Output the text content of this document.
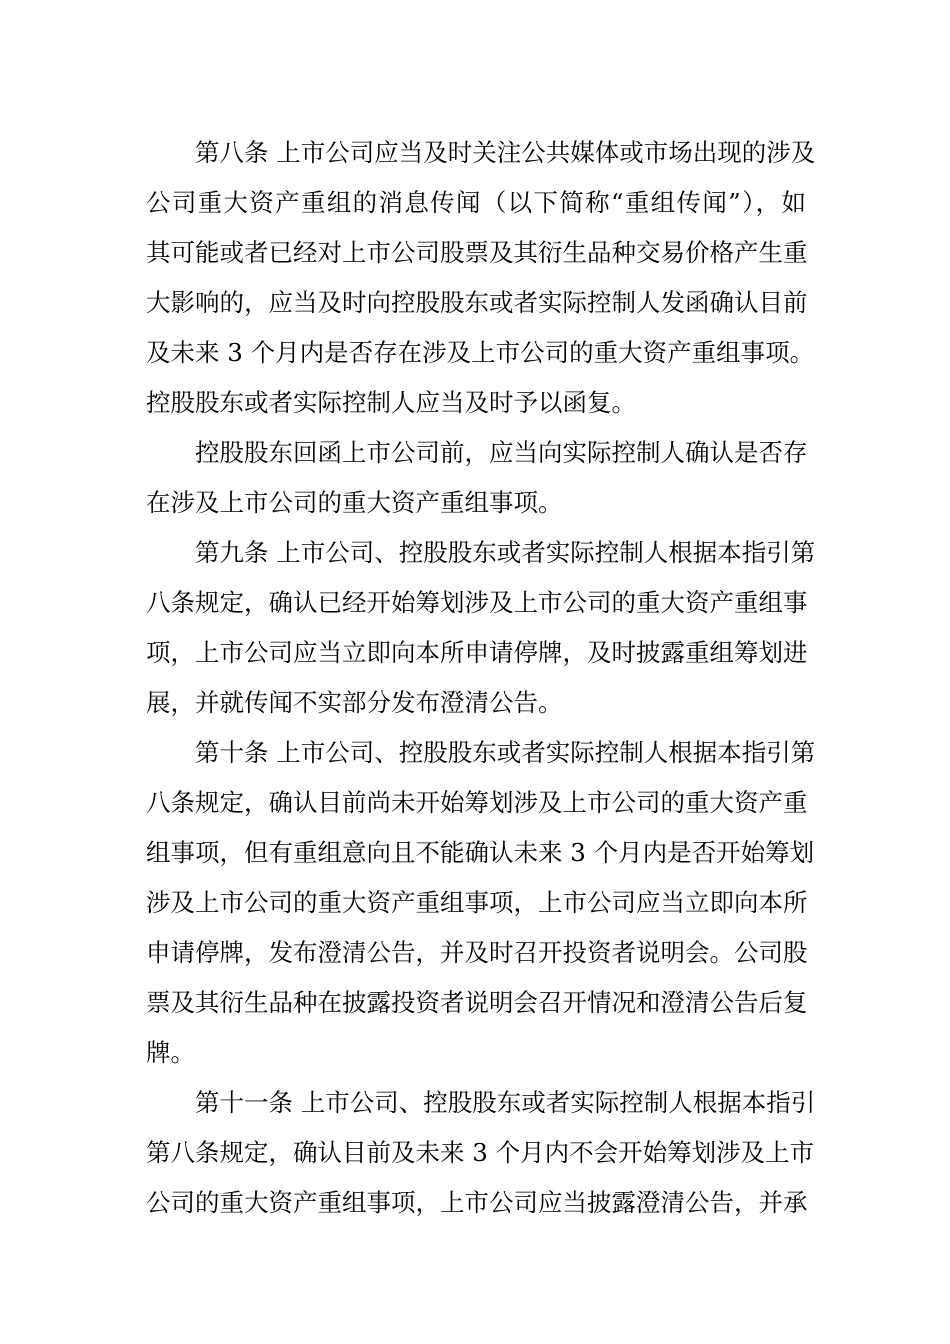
第八条 上市公司应当及时关注公共媒体或市场出现的涉及
公司重大资产重组的消息传闻（以下简称“重组传闻”），如
其可能或者已经对上市公司股票及其衍生品种交易价格产生重
大影响的，应当及时向控股股东或者实际控制人发函确认目前
及未来 3 个月内是否存在涉及上市公司的重大资产重组事项。
控股股东或者实际控制人应当及时予以函复。
控股股东回函上市公司前，应当向实际控制人确认是否存
在涉及上市公司的重大资产重组事项。
第九条 上市公司、控股股东或者实际控制人根据本指引第
八条规定，确认已经开始筹划涉及上市公司的重大资产重组事
项，上市公司应当立即向本所申请停牌，及时披露重组筹划进
展，并就传闻不实部分发布澄清公告。
第十条 上市公司、控股股东或者实际控制人根据本指引第
八条规定，确认目前尚未开始筹划涉及上市公司的重大资产重
组事项，但有重组意向且不能确认未来 3 个月内是否开始筹划
涉及上市公司的重大资产重组事项，上市公司应当立即向本所
申请停牌，发布澄清公告，并及时召开投资者说明会。公司股
票及其衍生品种在披露投资者说明会召开情况和澄清公告后复
牌。
第十一条 上市公司、控股股东或者实际控制人根据本指引
第八条规定，确认目前及未来 3 个月内不会开始筹划涉及上市
公司的重大资产重组事项，上市公司应当披露澄清公告，并承
